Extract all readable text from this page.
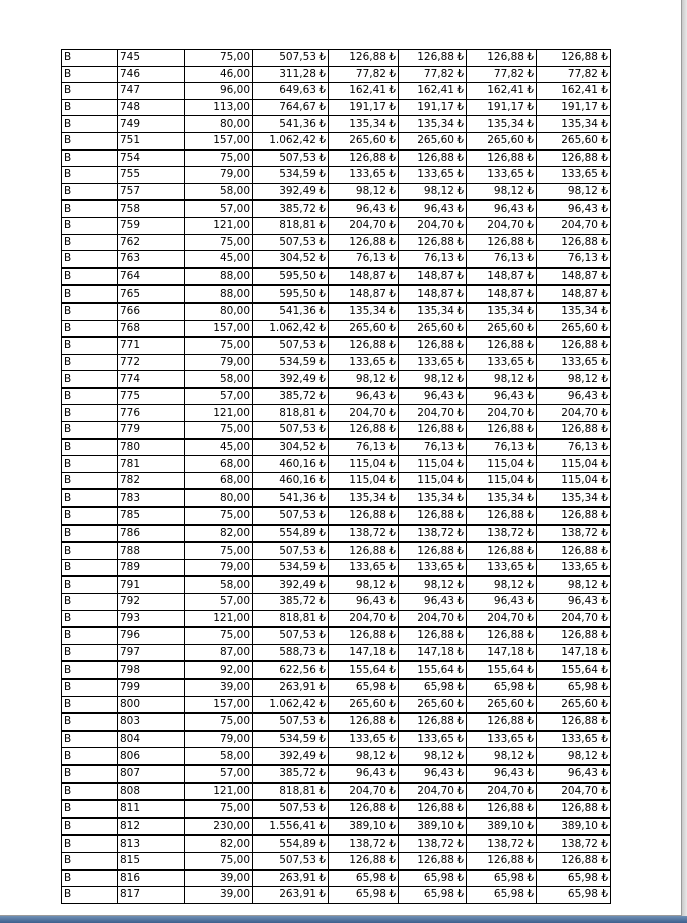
B	745	75,00	507,53 ₺	126,88 ₺	126,88 ₺	126,88 ₺	126,88 ₺
B	746	46,00	311,28 ₺	77,82 ₺	77,82 ₺	77,82 ₺	77,82 ₺
B	747	96,00	649,63 ₺	162,41 ₺	162,41 ₺	162,41 ₺	162,41 ₺
B	748	113,00	764,67 ₺	191,17 ₺	191,17 ₺	191,17 ₺	191,17 ₺
B	749	80,00	541,36 ₺	135,34 ₺	135,34 ₺	135,34 ₺	135,34 ₺
B	751	157,00	1.062,42 ₺	265,60 ₺	265,60 ₺	265,60 ₺	265,60 ₺
B	754	75,00	507,53 ₺	126,88 ₺	126,88 ₺	126,88 ₺	126,88 ₺
B	755	79,00	534,59 ₺	133,65 ₺	133,65 ₺	133,65 ₺	133,65 ₺
B	757	58,00	392,49 ₺	98,12 ₺	98,12 ₺	98,12 ₺	98,12 ₺
B	758	57,00	385,72 ₺	96,43 ₺	96,43 ₺	96,43 ₺	96,43 ₺
B	759	121,00	818,81 ₺	204,70 ₺	204,70 ₺	204,70 ₺	204,70 ₺
B	762	75,00	507,53 ₺	126,88 ₺	126,88 ₺	126,88 ₺	126,88 ₺
B	763	45,00	304,52 ₺	76,13 ₺	76,13 ₺	76,13 ₺	76,13 ₺
B	764	88,00	595,50 ₺	148,87 ₺	148,87 ₺	148,87 ₺	148,87 ₺
B	765	88,00	595,50 ₺	148,87 ₺	148,87 ₺	148,87 ₺	148,87 ₺
B	766	80,00	541,36 ₺	135,34 ₺	135,34 ₺	135,34 ₺	135,34 ₺
B	768	157,00	1.062,42 ₺	265,60 ₺	265,60 ₺	265,60 ₺	265,60 ₺
B	771	75,00	507,53 ₺	126,88 ₺	126,88 ₺	126,88 ₺	126,88 ₺
B	772	79,00	534,59 ₺	133,65 ₺	133,65 ₺	133,65 ₺	133,65 ₺
B	774	58,00	392,49 ₺	98,12 ₺	98,12 ₺	98,12 ₺	98,12 ₺
B	775	57,00	385,72 ₺	96,43 ₺	96,43 ₺	96,43 ₺	96,43 ₺
B	776	121,00	818,81 ₺	204,70 ₺	204,70 ₺	204,70 ₺	204,70 ₺
B	779	75,00	507,53 ₺	126,88 ₺	126,88 ₺	126,88 ₺	126,88 ₺
B	780	45,00	304,52 ₺	76,13 ₺	76,13 ₺	76,13 ₺	76,13 ₺
B	781	68,00	460,16 ₺	115,04 ₺	115,04 ₺	115,04 ₺	115,04 ₺
B	782	68,00	460,16 ₺	115,04 ₺	115,04 ₺	115,04 ₺	115,04 ₺
B	783	80,00	541,36 ₺	135,34 ₺	135,34 ₺	135,34 ₺	135,34 ₺
B	785	75,00	507,53 ₺	126,88 ₺	126,88 ₺	126,88 ₺	126,88 ₺
B	786	82,00	554,89 ₺	138,72 ₺	138,72 ₺	138,72 ₺	138,72 ₺
B	788	75,00	507,53 ₺	126,88 ₺	126,88 ₺	126,88 ₺	126,88 ₺
B	789	79,00	534,59 ₺	133,65 ₺	133,65 ₺	133,65 ₺	133,65 ₺
B	791	58,00	392,49 ₺	98,12 ₺	98,12 ₺	98,12 ₺	98,12 ₺
B	792	57,00	385,72 ₺	96,43 ₺	96,43 ₺	96,43 ₺	96,43 ₺
B	793	121,00	818,81 ₺	204,70 ₺	204,70 ₺	204,70 ₺	204,70 ₺
B	796	75,00	507,53 ₺	126,88 ₺	126,88 ₺	126,88 ₺	126,88 ₺
B	797	87,00	588,73 ₺	147,18 ₺	147,18 ₺	147,18 ₺	147,18 ₺
B	798	92,00	622,56 ₺	155,64 ₺	155,64 ₺	155,64 ₺	155,64 ₺
B	799	39,00	263,91 ₺	65,98 ₺	65,98 ₺	65,98 ₺	65,98 ₺
B	800	157,00	1.062,42 ₺	265,60 ₺	265,60 ₺	265,60 ₺	265,60 ₺
B	803	75,00	507,53 ₺	126,88 ₺	126,88 ₺	126,88 ₺	126,88 ₺
B	804	79,00	534,59 ₺	133,65 ₺	133,65 ₺	133,65 ₺	133,65 ₺
B	806	58,00	392,49 ₺	98,12 ₺	98,12 ₺	98,12 ₺	98,12 ₺
B	807	57,00	385,72 ₺	96,43 ₺	96,43 ₺	96,43 ₺	96,43 ₺
B	808	121,00	818,81 ₺	204,70 ₺	204,70 ₺	204,70 ₺	204,70 ₺
B	811	75,00	507,53 ₺	126,88 ₺	126,88 ₺	126,88 ₺	126,88 ₺
B	812	230,00	1.556,41 ₺	389,10 ₺	389,10 ₺	389,10 ₺	389,10 ₺
B	813	82,00	554,89 ₺	138,72 ₺	138,72 ₺	138,72 ₺	138,72 ₺
B	815	75,00	507,53 ₺	126,88 ₺	126,88 ₺	126,88 ₺	126,88 ₺
B	816	39,00	263,91 ₺	65,98 ₺	65,98 ₺	65,98 ₺	65,98 ₺
B	817	39,00	263,91 ₺	65,98 ₺	65,98 ₺	65,98 ₺	65,98 ₺
